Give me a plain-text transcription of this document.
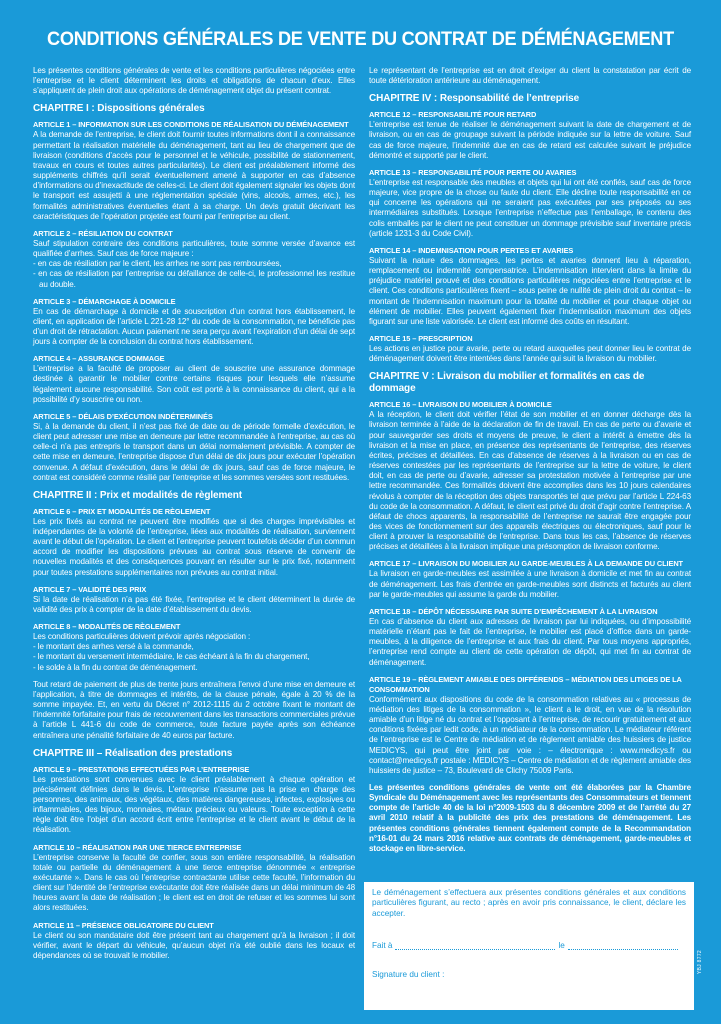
CONDITIONS GÉNÉRALES DE VENTE DU CONTRAT DE DÉMÉNAGEMENT

Les présentes conditions générales de vente et les conditions particulières négociées entre l’entreprise et le client déterminent les droits et obligations de chacun d’eux. Elles s’appliquent de plein droit aux opérations de déménagement objet du présent contrat.

CHAPITRE I : Dispositions générales
ARTICLE 1 – INFORMATION SUR LES CONDITIONS DE RÉALISATION DU DÉMÉNAGEMENT

A la demande de l’entreprise, le client doit fournir toutes informations dont il a connaissance permettant la réalisation matérielle du déménagement, tant au lieu de chargement que de livraison (conditions d’accès pour le personnel et le véhicule, possibilité de stationnement, travaux en cours et toutes autres particularités). Le client est préalablement informé des suppléments chiffrés qu’il serait éventuellement amené à supporter en cas d’absence d’informations ou d’inexactitude de celles-ci. Le client doit également signaler les objets dont le transport est assujetti à une réglementation spéciale (vins, alcools, armes, etc.), les formalités administratives éventuelles étant à sa charge. Un devis gratuit décrivant les caractéristiques de l’opération projetée est fourni par l’entreprise au client.

ARTICLE 2 – RÉSILIATION DU CONTRAT

Sauf stipulation contraire des conditions particulières, toute somme versée d’avance est qualifiée d’arrhes. Sauf cas de force majeure :

- en cas de résiliation par le client, les arrhes ne sont pas remboursées,

- en cas de résiliation par l’entreprise ou défaillance de celle-ci, le professionnel les restitue au double.

ARTICLE 3 – DÉMARCHAGE À DOMICILE

En cas de démarchage à domicile et de souscription d’un contrat hors établissement, le client, en application de l’article L 221-28 12° du code de la consommation, ne bénéficie pas d’un droit de rétractation. Aucun paiement ne sera perçu avant l’expiration d’un délai de sept jours à compter de la conclusion du contrat hors établissement.

ARTICLE 4 – ASSURANCE DOMMAGE

L’entreprise a la faculté de proposer au client de souscrire une assurance dommage destinée à garantir le mobilier contre certains risques pour lesquels elle n’assume légalement aucune responsabilité. Son coût est porté à la connaissance du client, qui a la possibilité d’y souscrire ou non.

ARTICLE 5 – DÉLAIS D’EXÉCUTION INDÉTERMINÉS

Si, à la demande du client, il n’est pas fixé de date ou de période formelle d’exécution, le client peut adresser une mise en demeure par lettre recommandée à l’entreprise, au cas où celle-ci n’a pas entrepris le transport dans un délai normalement prévisible. A compter de cette mise en demeure, l’entreprise dispose d’un délai de dix jours pour exécuter l’opération convenue. A défaut d’exécution, dans le délai de dix jours, sauf cas de force majeure, le contrat est considéré comme résilié par l’entreprise et les sommes versées sont restituées.

CHAPITRE II : Prix et modalités de règlement
ARTICLE 6 – PRIX ET MODALITÉS DE RÈGLEMENT

Les prix fixés au contrat ne peuvent être modifiés que si des charges imprévisibles et indépendantes de la volonté de l’entreprise, liées aux modalités de réalisation, surviennent avant le début de l’opération. Le client et l’entreprise peuvent toutefois décider d’un commun accord de modifier les dispositions prévues au contrat sous réserve de convenir de nouvelles modalités et des conséquences pouvant en résulter sur le prix fixé, notamment pour toutes prestations supplémentaires non prévues au contrat initial.

ARTICLE 7 – VALIDITÉ DES PRIX

Si la date de réalisation n’a pas été fixée, l’entreprise et le client déterminent la durée de validité des prix à compter de la date d’établissement du devis.

ARTICLE 8 – MODALITÉS DE RÈGLEMENT

Les conditions particulières doivent prévoir après négociation :

- le montant des arrhes versé à la commande,

- le montant du versement intermédiaire, le cas échéant à la fin du chargement,

- le solde à la fin du contrat de déménagement.

Tout retard de paiement de plus de trente jours entraînera l’envoi d’une mise en demeure et l’application, à titre de dommages et intérêts, de la clause pénale, égale à 20 % de la somme impayée. Et, en vertu du Décret n° 2012-1115 du 2 octobre fixant le montant de l’indemnité forfaitaire pour frais de recouvrement dans les transactions commerciales prévue à l’article L 441-6 du code de commerce, toute facture payée après son échéance entraînera une pénalité forfaitaire de 40 euros par facture.

CHAPITRE III – Réalisation des prestations
ARTICLE 9 – PRESTATIONS EFFECTUÉES PAR L’ENTREPRISE

Les prestations sont convenues avec le client préalablement à chaque opération et précisément définies dans le devis. L’entreprise n’assume pas la prise en charge des personnes, des animaux, des végétaux, des matières dangereuses, infectes, explosives ou inflammables, des bijoux, monnaies, métaux précieux ou valeurs. Toute exception à cette règle doit être l’objet d’un accord écrit entre l’entreprise et le client avant le début de la réalisation.

ARTICLE 10 – RÉALISATION PAR UNE TIERCE ENTREPRISE

L’entreprise conserve la faculté de confier, sous son entière responsabilité, la réalisation totale ou partielle du déménagement à une tierce entreprise dénommée « entreprise exécutante ». Dans le cas où l’entreprise contractante utilise cette faculté, l’information du client sur l’identité de l’entreprise exécutante doit être réalisée dans un délai minimum de 48 heures avant la date de réalisation ; le client est en droit de refuser et les sommes lui sont alors restituées.

ARTICLE 11 – PRÉSENCE OBLIGATOIRE DU CLIENT

Le client ou son mandataire doit être présent tant au chargement qu’à la livraison ; il doit vérifier, avant le départ du véhicule, qu’aucun objet n’a été oublié dans les locaux et dépendances où se trouvait le mobilier.

Le représentant de l’entreprise est en droit d’exiger du client la constatation par écrit de toute détérioration antérieure au déménagement.

CHAPITRE IV : Responsabilité de l’entreprise
ARTICLE 12 – RESPONSABILITÉ POUR RETARD

L’entreprise est tenue de réaliser le déménagement suivant la date de chargement et de livraison, ou en cas de groupage suivant la période indiquée sur la lettre de voiture. Sauf cas de force majeure, l’indemnité due en cas de retard est calculée suivant le préjudice démontré et supporté par le client.

ARTICLE 13 – RESPONSABILITÉ POUR PERTE OU AVARIES

L’entreprise est responsable des meubles et objets qui lui ont été confiés, sauf cas de force majeure, vice propre de la chose ou faute du client. Elle décline toute responsabilité en ce qui concerne les opérations qui ne seraient pas exécutées par ses préposés ou ses intermédiaires substitués. Lorsque l’entreprise n’effectue pas l’emballage, le contenu des colis emballés par le client ne peut constituer un dommage prévisible sauf inventaire précis (article 1231-3 du Code Civil).

ARTICLE 14 – INDEMNISATION POUR PERTES ET AVARIES

Suivant la nature des dommages, les pertes et avaries donnent lieu à réparation, remplacement ou indemnité compensatrice. L’indemnisation intervient dans la limite du préjudice matériel prouvé et des conditions particulières négociées entre l’entreprise et le client. Ces conditions particulières fixent – sous peine de nullité de plein droit du contrat – le montant de l’indemnisation maximum pour la totalité du mobilier et pour chaque objet ou élément de mobilier. Elles peuvent également fixer l’indemnisation maximum des objets figurant sur une liste valorisée. Le client est informé des coûts en résultant.

ARTICLE 15 – PRESCRIPTION

Les actions en justice pour avarie, perte ou retard auxquelles peut donner lieu le contrat de déménagement doivent être intentées dans l’année qui suit la livraison du mobilier.

CHAPITRE V : Livraison du mobilier et formalités en cas de dommage
ARTICLE 16 – LIVRAISON DU MOBILIER À DOMICILE

A la réception, le client doit vérifier l’état de son mobilier et en donner décharge dès la livraison terminée à l’aide de la déclaration de fin de travail. En cas de perte ou d’avarie et pour sauvegarder ses droits et moyens de preuve, le client a intérêt à émettre dès la livraison et la mise en place, en présence des représentants de l’entreprise, des réserves écrites, précises et détaillées. En cas d’absence de réserves à la livraison ou en cas de réserves contestées par les représentants de l’entreprise sur la lettre de voiture, le client doit, en cas de perte ou d’avarie, adresser sa protestation motivée à l’entreprise par une lettre recommandée. Ces formalités doivent être accomplies dans les 10 jours calendaires révolus à compter de la réception des objets transportés tel que prévu par l’article L 224-63 du code de la consommation. A défaut, le client est privé du droit d’agir contre l’entreprise. A défaut de chocs apparents, la responsabilité de l’entreprise ne saurait être engagée pour des vices de fonctionnement sur des appareils électriques ou électroniques, sauf pour le client à prouver la responsabilité de l’entreprise. Dans tous les cas, l’absence de réserves précises et détaillées à la livraison implique una présomption de livraison conforme.

ARTICLE 17 – LIVRAISON DU MOBILIER AU GARDE-MEUBLES À LA DEMANDE DU CLIENT

La livraison en garde-meubles est assimilée à une livraison à domicile et met fin au contrat de déménagement. Les frais d’entrée en garde-meubles sont distincts et facturés au client par le garde-meubles qui assume la garde du mobilier.

ARTICLE 18 – DÉPÔT NÉCESSAIRE PAR SUITE D’EMPÊCHEMENT À LA LIVRAISON

En cas d’absence du client aux adresses de livraison par lui indiquées, ou d’impossibilité matérielle n’étant pas le fait de l’entreprise, le mobilier est placé d’office dans un garde-meubles, à la diligence de l’entreprise et aux frais du client. Par tous moyens appropriés, l’entreprise rend compte au client de cette opération de dépôt, qui met fin au contrat de déménagement.

ARTICLE 19 – RÈGLEMENT AMIABLE DES DIFFÉRENDS – MÉDIATION DES LITIGES DE LA CONSOMMATION

Conformément aux dispositions du code de la consommation relatives au « processus de médiation des litiges de la consommation », le client a le droit, en vue de la résolution amiable d’un litige né du contrat et l’opposant à l’entreprise, de recourir gratuitement et aux conditions fixées par ledit code, à un médiateur de la consommation. Le médiateur référent de l’entreprise est le Centre de médiation et de règlement amiable des huissiers de justice MEDICYS, qui peut être joint par voie : – électronique : www.medicys.fr ou contact@medicys.fr postale : MEDICYS – Centre de médiation et de règlement amiable des huissiers de justice – 73, Boulevard de Clichy 75009 Paris.

Les présentes conditions générales de vente ont été élaborées par la Chambre Syndicale du Déménagement avec les représentants des Consommateurs et tiennent compte de l’article 40 de la loi n°2009-1503 du 8 décembre 2009 et de l’arrêté du 27 avril 2010 relatif à la publicité des prix des prestations de déménagement. Les présentes conditions générales tiennent également compte de la Recommandation n°16-01 du 24 mars 2016 relative aux contrats de déménagement, garde-meubles et stockage en libre-service.

Le déménagement s’effectuera aux présentes conditions générales et aux conditions particulières figurant, au recto ; après en avoir pris connaissance, le client, déclare les accepter.

Fait à	le
Signature du client :
YBJ 8772
